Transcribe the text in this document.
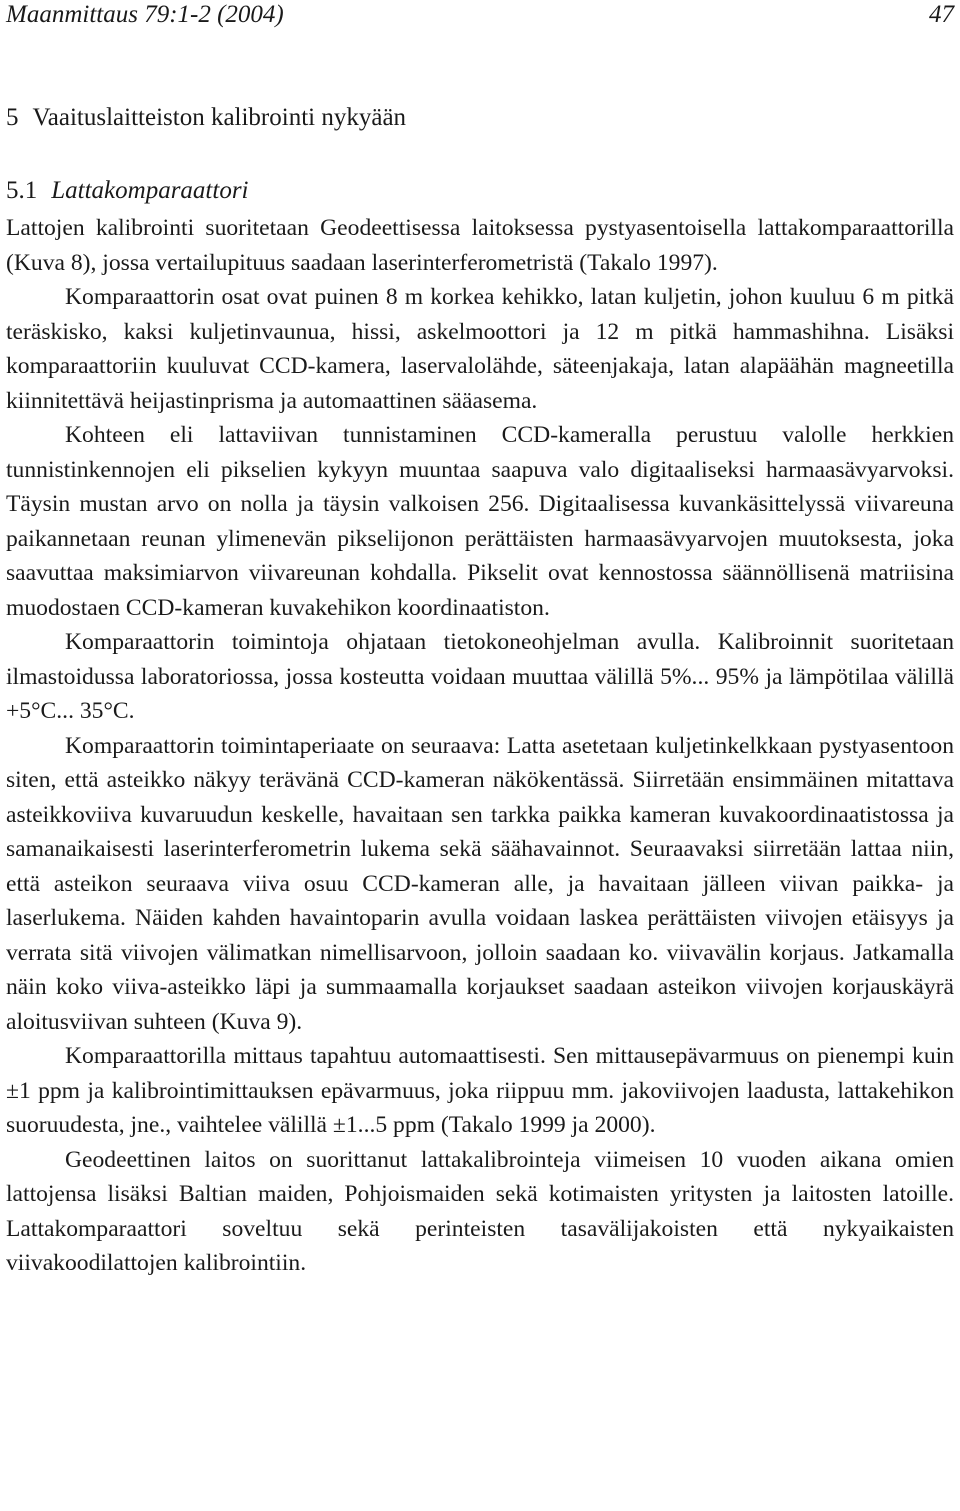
Maanmittaus 79:1-2 (2004)	47
5 Vaaituslaitteiston kalibrointi nykyään
5.1 Lattakomparaattori

Lattojen kalibrointi suoritetaan Geodeettisessa laitoksessa pystyasentoisella lattakomparaattorilla (Kuva 8), jossa vertailupituus saadaan laserinterferometristä (Takalo 1997).

Komparaattorin osat ovat puinen 8 m korkea kehikko, latan kuljetin, johon kuuluu 6 m pitkä teräskisko, kaksi kuljetinvaunua, hissi, askelmoottori ja 12 m pitkä hammashihna. Lisäksi komparaattoriin kuuluvat CCD-kamera, laservalolähde, säteenjakaja, latan alapäähän magneetilla kiinnitettävä heijastinprisma ja automaattinen sääasema.

Kohteen eli lattaviivan tunnistaminen CCD-kameralla perustuu valolle herkkien tunnistinkennojen eli pikselien kykyyn muuntaa saapuva valo digitaaliseksi harmaasävyarvoksi. Täysin mustan arvo on nolla ja täysin valkoisen 256. Digitaalisessa kuvankäsittelyssä viivareuna paikannetaan reunan ylimenevän pikselijonon perättäisten harmaasävyarvojen muutoksesta, joka saavuttaa maksimiarvon viivareunan kohdalla. Pikselit ovat kennostossa säännöllisenä matriisina muodostaen CCD-kameran kuvakehikon koordinaatiston.

Komparaattorin toimintoja ohjataan tietokoneohjelman avulla. Kalibroinnit suoritetaan ilmastoidussa laboratoriossa, jossa kosteutta voidaan muuttaa välillä 5%... 95% ja lämpötilaa välillä +5°C... 35°C.

Komparaattorin toimintaperiaate on seuraava: Latta asetetaan kuljetinkelkkaan pystyasentoon siten, että asteikko näkyy terävänä CCD-kameran näkökentässä. Siirretään ensimmäinen mitattava asteikkoviiva kuvaruudun keskelle, havaitaan sen tarkka paikka kameran kuvakoordinaatistossa ja samanaikaisesti laserinterferometrin lukema sekä säähavainnot. Seuraavaksi siirretään lattaa niin, että asteikon seuraava viiva osuu CCD-kameran alle, ja havaitaan jälleen viivan paikka- ja laserlukema. Näiden kahden havaintoparin avulla voidaan laskea perättäisten viivojen etäisyys ja verrata sitä viivojen välimatkan nimellisarvoon, jolloin saadaan ko. viivavälin korjaus. Jatkamalla näin koko viiva-asteikko läpi ja summaamalla korjaukset saadaan asteikon viivojen korjauskäyrä aloitusviivan suhteen (Kuva 9).

Komparaattorilla mittaus tapahtuu automaattisesti. Sen mittausepävarmuus on pienempi kuin ±1 ppm ja kalibrointimittauksen epävarmuus, joka riippuu mm. jakoviivojen laadusta, lattakehikon suoruudesta, jne., vaihtelee välillä ±1...5 ppm (Takalo 1999 ja 2000).

Geodeettinen laitos on suorittanut lattakalibrointeja viimeisen 10 vuoden aikana omien lattojensa lisäksi Baltian maiden, Pohjoismaiden sekä kotimaisten yritysten ja laitosten latoille. Lattakomparaattori soveltuu sekä perinteisten tasavälijakoisten että nykyaikaisten viivakoodilattojen kalibrointiin.
